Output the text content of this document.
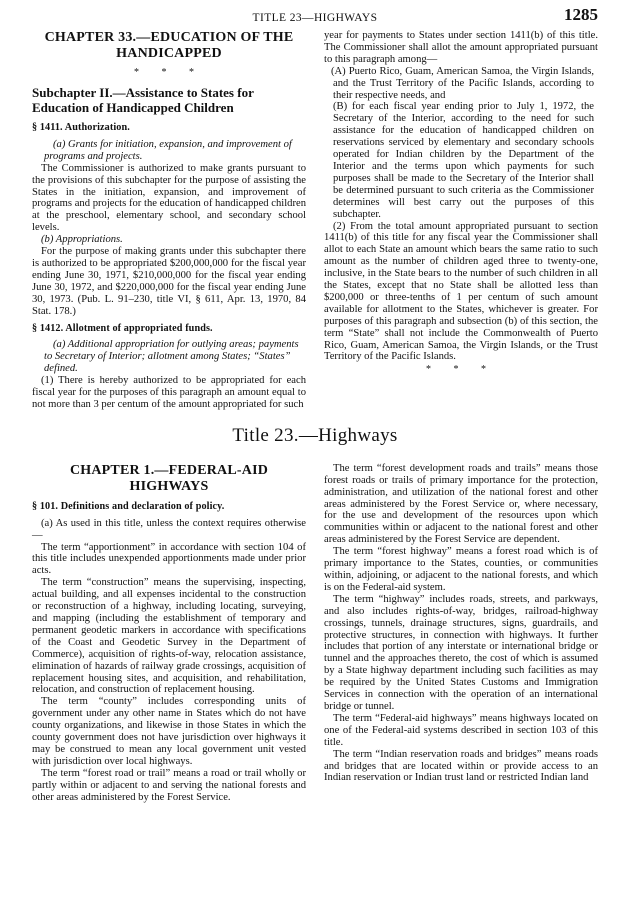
TITLE 23—HIGHWAYS	1285
CHAPTER 33.—EDUCATION OF THE HANDICAPPED
* * *
Subchapter II.—Assistance to States for Education of Handicapped Children
§ 1411. Authorization.

(a) Grants for initiation, expansion, and improvement of programs and projects.

The Commissioner is authorized to make grants pursuant to the provisions of this subchapter for the purpose of assisting the States in the initiation, expansion, and improvement of programs and projects for the education of handicapped children at the preschool, elementary school, and secondary school levels.

(b) Appropriations.

For the purpose of making grants under this subchapter there is authorized to be appropriated $200,000,000 for the fiscal year ending June 30, 1971, $210,000,000 for the fiscal year ending June 30, 1972, and $220,000,000 for the fiscal year ending June 30, 1973. (Pub. L. 91–230, title VI, § 611, Apr. 13, 1970, 84 Stat. 178.)

§ 1412. Allotment of appropriated funds.

(a) Additional appropriation for outlying areas; payments to Secretary of Interior; allotment among States; “States” defined.

(1) There is hereby authorized to be appropriated for each fiscal year for the purposes of this paragraph an amount equal to not more than 3 per centum of the amount appropriated for such

year for payments to States under section 1411(b) of this title. The Commissioner shall allot the amount appropriated pursuant to this paragraph among—

(A) Puerto Rico, Guam, American Samoa, the Virgin Islands, and the Trust Territory of the Pacific Islands, according to their respective needs, and

(B) for each fiscal year ending prior to July 1, 1972, the Secretary of the Interior, according to the need for such assistance for the education of handicapped children on reservations serviced by elementary and secondary schools operated for Indian children by the Department of the Interior and the terms upon which payments for such purposes shall be made to the Secretary of the Interior shall be determined pursuant to such criteria as the Commissioner determines will best carry out the purposes of this subchapter.

(2) From the total amount appropriated pursuant to section 1411(b) of this title for any fiscal year the Commissioner shall allot to each State an amount which bears the same ratio to such amount as the number of children aged three to twenty-one, inclusive, in the State bears to the number of such children in all the States, except that no State shall be allotted less than $200,000 or three-tenths of 1 per centum of such amount available for allotment to the States, whichever is greater. For purposes of this paragraph and subsection (b) of this section, the term “State” shall not include the Commonwealth of Puerto Rico, Guam, American Samoa, the Virgin Islands, or the Trust Territory of the Pacific Islands.

* * *
Title 23.—Highways
CHAPTER 1.—FEDERAL-AID HIGHWAYS
§ 101. Definitions and declaration of policy.

(a) As used in this title, unless the context requires otherwise—

The term “apportionment” in accordance with section 104 of this title includes unexpended apportionments made under prior acts.

The term “construction” means the supervising, inspecting, actual building, and all expenses incidental to the construction or reconstruction of a highway, including locating, surveying, and mapping (including the establishment of temporary and permanent geodetic markers in accordance with specifications of the Coast and Geodetic Survey in the Department of Commerce), acquisition of rights-of-way, relocation assistance, elimination of hazards of railway grade crossings, acquisition of replacement housing sites, and acquisition, and rehabilitation, relocation, and construction of replacement housing.

The term “county” includes corresponding units of government under any other name in States which do not have county organizations, and likewise in those States in which the county government does not have jurisdiction over highways it may be construed to mean any local government unit vested with jurisdiction over local highways.

The term “forest road or trail” means a road or trail wholly or partly within or adjacent to and serving the national forests and other areas administered by the Forest Service.

The term “forest development roads and trails” means those forest roads or trails of primary importance for the protection, administration, and utilization of the national forest and other areas administered by the Forest Service or, where necessary, for the use and development of the resources upon which communities within or adjacent to the national forest and other areas administered by the Forest Service are dependent.

The term “forest highway” means a forest road which is of primary importance to the States, counties, or communities within, adjoining, or adjacent to the national forests, and which is on the Federal-aid system.

The term “highway” includes roads, streets, and parkways, and also includes rights-of-way, bridges, railroad-highway crossings, tunnels, drainage structures, signs, guardrails, and protective structures, in connection with highways. It further includes that portion of any interstate or international bridge or tunnel and the approaches thereto, the cost of which is assumed by a State highway department including such facilities as may be required by the United States Customs and Immigration Services in connection with the operation of an international bridge or tunnel.

The term “Federal-aid highways” means highways located on one of the Federal-aid systems described in section 103 of this title.

The term “Indian reservation roads and bridges” means roads and bridges that are located within or provide access to an Indian reservation or Indian trust land or restricted Indian land
